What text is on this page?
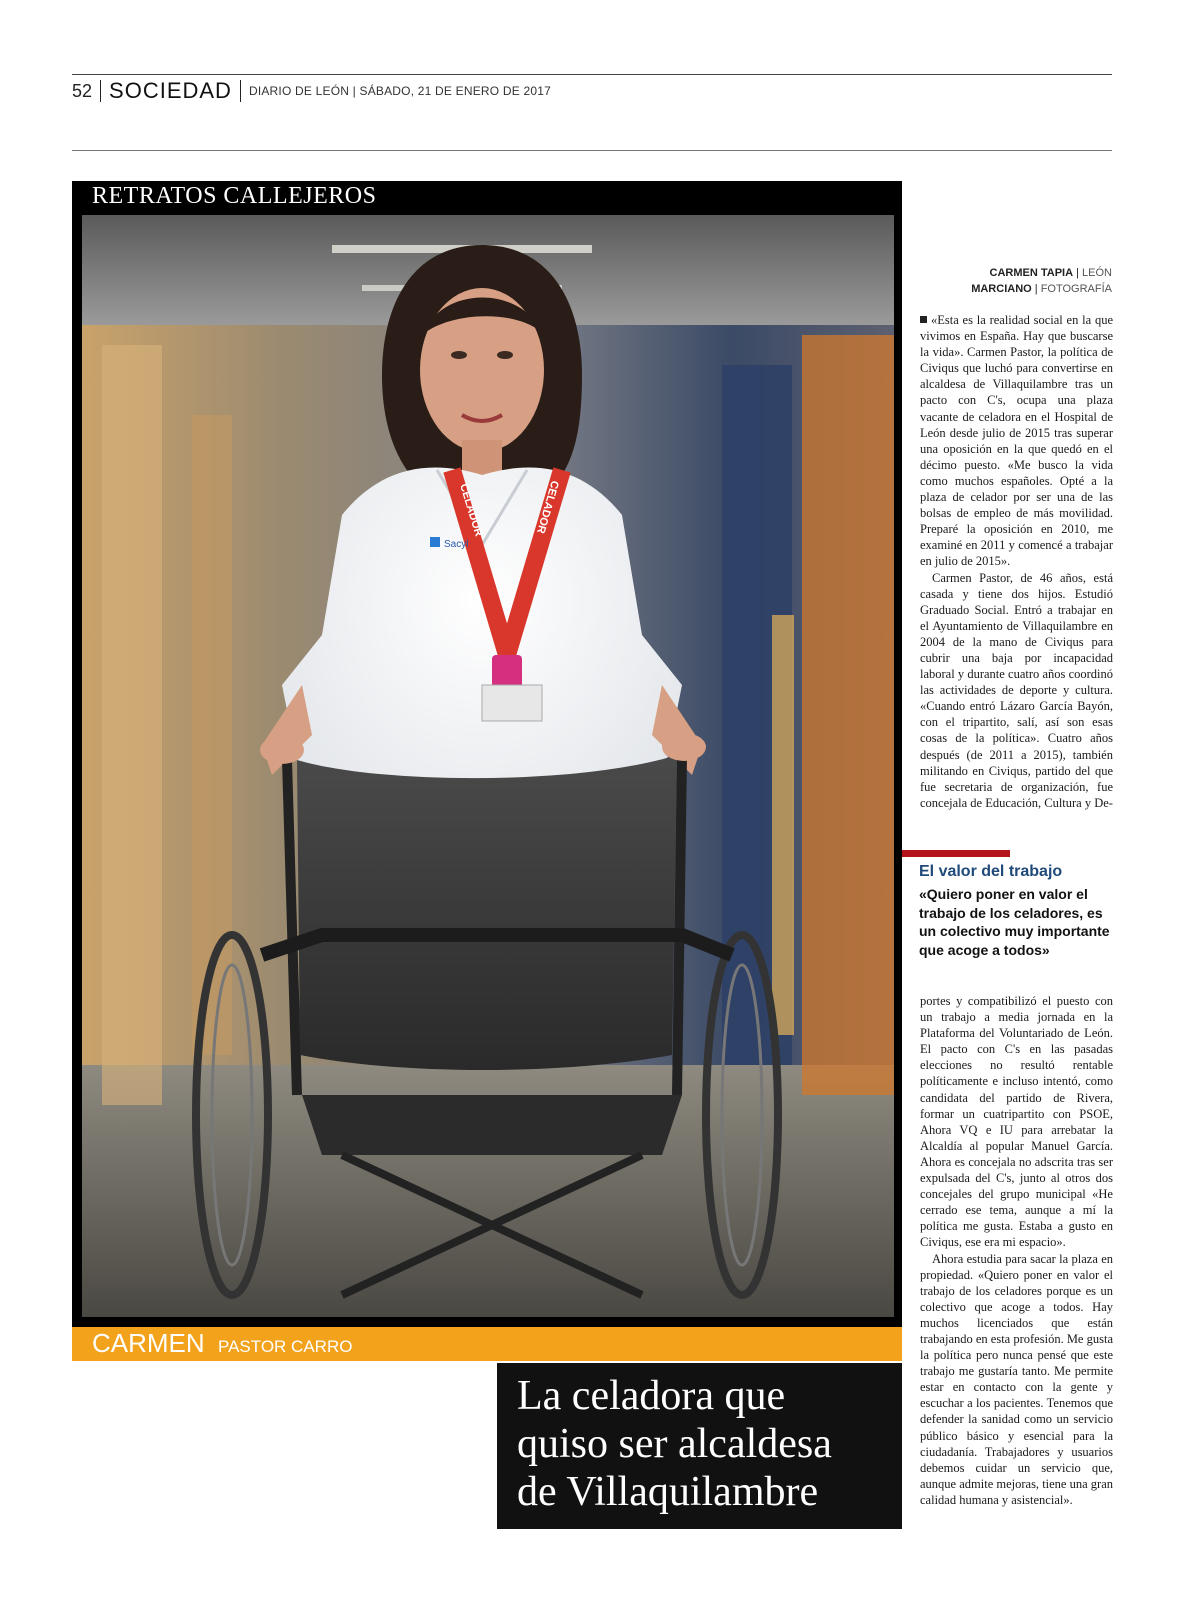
52 SOCIEDAD DIARIO DE LEÓN | SÁBADO, 21 DE ENERO DE 2017
RETRATOS CALLEJEROS
CELADOR	CELADOR
Sacyl
CARMEN PASTOR CARRO
La celadora que
quiso ser alcaldesa
de Villaquilambre
CARMEN TAPIA | LEÓN
MARCIANO | FOTOGRAFÍA

«Esta es la realidad social en la que vivimos en España. Hay que buscarse la vida». Carmen Pastor, la política de Civiqus que luchó para convertirse en alcaldesa de Villaquilambre tras un pacto con C's, ocupa una plaza vacante de celadora en el Hospital de León desde julio de 2015 tras superar una oposición en la que quedó en el décimo puesto. «Me busco la vida como muchos españoles. Opté a la plaza de celador por ser una de las bolsas de empleo de más movilidad. Preparé la oposición en 2010, me examiné en 2011 y comencé a trabajar en julio de 2015».

Carmen Pastor, de 46 años, está casada y tiene dos hijos. Estudió Graduado Social. Entró a trabajar en el Ayuntamiento de Villaquilambre en 2004 de la mano de Civiqus para cubrir una baja por incapacidad laboral y durante cuatro años coordinó las actividades de deporte y cultura. «Cuando entró Lázaro García Bayón, con el tripartito, salí, así son esas cosas de la política». Cuatro años después (de 2011 a 2015), también militando en Civiqus, partido del que fue secretaria de organización, fue concejala de Educación, Cultura y De-

El valor del trabajo
«Quiero poner en valor el trabajo de los celadores, es un colectivo muy importante que acoge a todos»

portes y compatibilizó el puesto con un trabajo a media jornada en la Plataforma del Voluntariado de León. El pacto con C's en las pasadas elecciones no resultó rentable políticamente e incluso intentó, como candidata del partido de Rivera, formar un cuatripartito con PSOE, Ahora VQ e IU para arrebatar la Alcaldía al popular Manuel García. Ahora es concejala no adscrita tras ser expulsada del C's, junto al otros dos concejales del grupo municipal «He cerrado ese tema, aunque a mí la política me gusta. Estaba a gusto en Civiqus, ese era mi espacio».

Ahora estudia para sacar la plaza en propiedad. «Quiero poner en valor el trabajo de los celadores porque es un colectivo que acoge a todos. Hay muchos licenciados que están trabajando en esta profesión. Me gusta la política pero nunca pensé que este trabajo me gustaría tanto. Me permite estar en contacto con la gente y escuchar a los pacientes. Tenemos que defender la sanidad como un servicio público básico y esencial para la ciudadanía. Trabajadores y usuarios debemos cuidar un servicio que, aunque admite mejoras, tiene una gran calidad humana y asistencial».
